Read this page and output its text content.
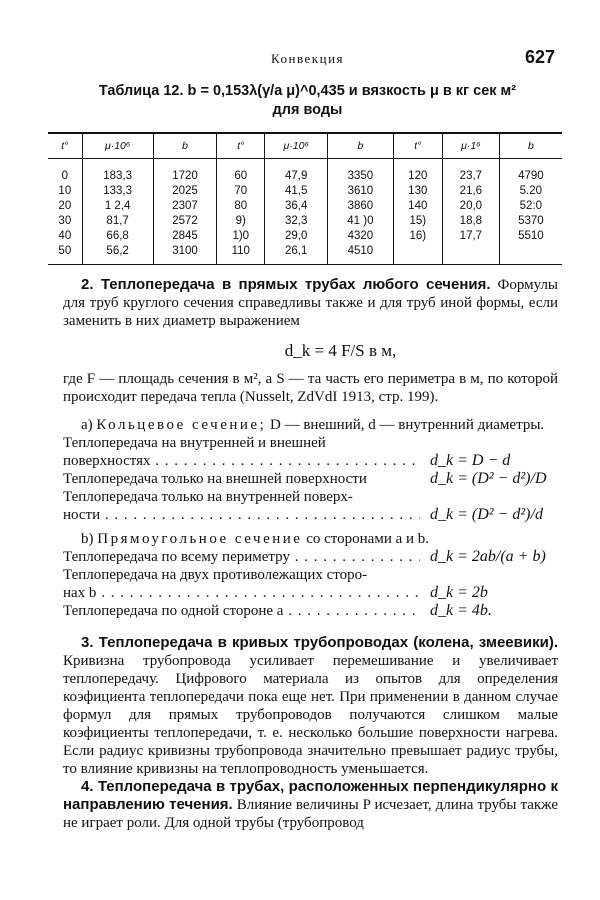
Конвекция	627
Таблица 12. b = 0,153λ(γ/a μ)^0,435 и вязкость μ в кг сек м²
для воды
t°	μ·10⁶	b	t°	μ·10⁶	b	t°	μ·1⁶	b

0	183,3	1720	60	47,9	3350	120	23,7	4790
10	133,3	2025	70	41,5	3610	130	21,6	5.20
20	1 2,4	2307	80	36,4	3860	140	20,0	52:0
30	81,7	2572	9)	32,3	41 )0	15)	18,8	5370
40	66,8	2845	1)0	29,0	4320	16)	17,7	5510
50	56,2	3100	110	26,1	4510			

2. Теплопередача в прямых трубах любого сечения. Формулы для труб круглого сечения справедливы также и для труб иной формы, если заменить в них диаметр выражением

d_k = 4 F/S в м,

где F — площадь сечения в м², а S — та часть его периметра в м, по которой происходит передача тепла (Nusselt, ZdVdI 1913, стр. 199).

a) Кольцевое сечение; D — внешний, d — внутренний диаметры.

Теплопередача на внутренней и внешней

поверхностях . . .	d_k = D − d

Теплопередача только на внешней поверхности	d_k = (D² − d²)/D

Теплопередача только на внутренней поверх-

ности . . .	d_k = (D² − d²)/d

b) Прямоугольное сечение со сторонами a и b.

Теплопередача по всему периметру . . .	d_k = 2ab/(a + b)

Теплопередача на двух противолежащих сторо-

нах b . . .	d_k = 2b

Теплопередача по одной стороне a . . .	d_k = 4b.

3. Теплопередача в кривых трубопроводах (колена, змеевики). Кривизна трубопровода усиливает перемешивание и увеличивает теплопередачу. Цифрового материала из опытов для определения коэфициента теплопередачи пока еще нет. При применении в данном случае формул для прямых трубопроводов получаются слишком малые коэфициенты теплопередачи, т. е. несколько большие поверхности нагрева. Если радиус кривизны трубопровода значительно превышает радиус трубы, то влияние кривизны на теплопроводность уменьшается.

4. Теплопередача в трубах, расположенных перпендикулярно к направлению течения. Влияние величины P исчезает, длина трубы также не играет роли. Для одной трубы (трубопровод
